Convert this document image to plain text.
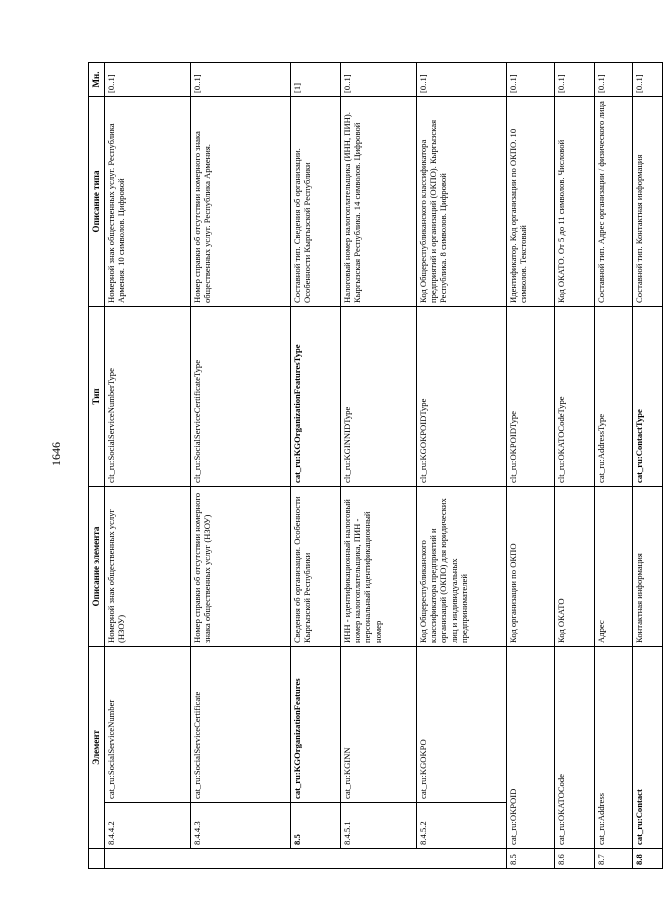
1646
	Элемент		Описание элемента	Тип	Описание типа	Мн.
	8.4.4.2	cat_ru:SocialServiceNumber	Номерной знак общественных услуг (НЗОУ)	clt_ru:SocialServiceNumberType	Номерной знак общественных услуг. Республика Армения. 10 символов. Цифровой	[0..1]
	8.4.4.3	cat_ru:SocialServiceCertificate	Номер справки об отсутствии номерного знака общественных услуг (НЗОУ)	clt_ru:SocialServiceCertificateType	Номер справки об отсутствии номерного знака общественных услуг. Республика Армения.	[0..1]
	8.5	cat_ru:KGOrganizationFeatures	Сведения об организации. Особенности Кыргызской Республики	cat_ru:KGOrganizationFeaturesType	Составной тип. Сведения об организации. Особенности Кыргызской Республики	[1]
	8.4.5.1	cat_ru:KGINN	ИНН - идентификационный налоговый номер налогоплательщика, ПИН - персональный идентификационный номер	clt_ru:KGINNIDType	Налоговый номер налогоплательщика (ИНН, ПИН). Кыргызская Республика. 14 символов. Цифровой	[0..1]
	8.4.5.2	cat_ru:KGOKPO	Код Общереспубликанского классификатора предприятий и организаций (ОКПО) для юридических лиц и индивидуальных предпринимателей	clt_ru:KGOKPOIDType	Код Общереспубликанского классификатора предприятий и организаций (ОКПО). Кыргызская Республика. 8 символов. Цифровой	[0..1]
8.5	cat_ru:OKPOID		Код организации по ОКПО	clt_ru:OKPOIDType	Идентификатор. Код организации по ОКПО. 10 символов. Текстовый	[0..1]
8.6	cat_ru:OKATOCode		Код ОКАТО	clt_ru:OKATOCodeType	Код ОКАТО. От 5 до 11 символов. Числовой	[0..1]
8.7	cat_ru:Address		Адрес	cat_ru:AddressType	Составной тип. Адрес организации / физического лица	[0..1]
8.8	cat_ru:Contact		Контактная информация	cat_ru:ContactType	Составной тип. Контактная информация	[0..1]
